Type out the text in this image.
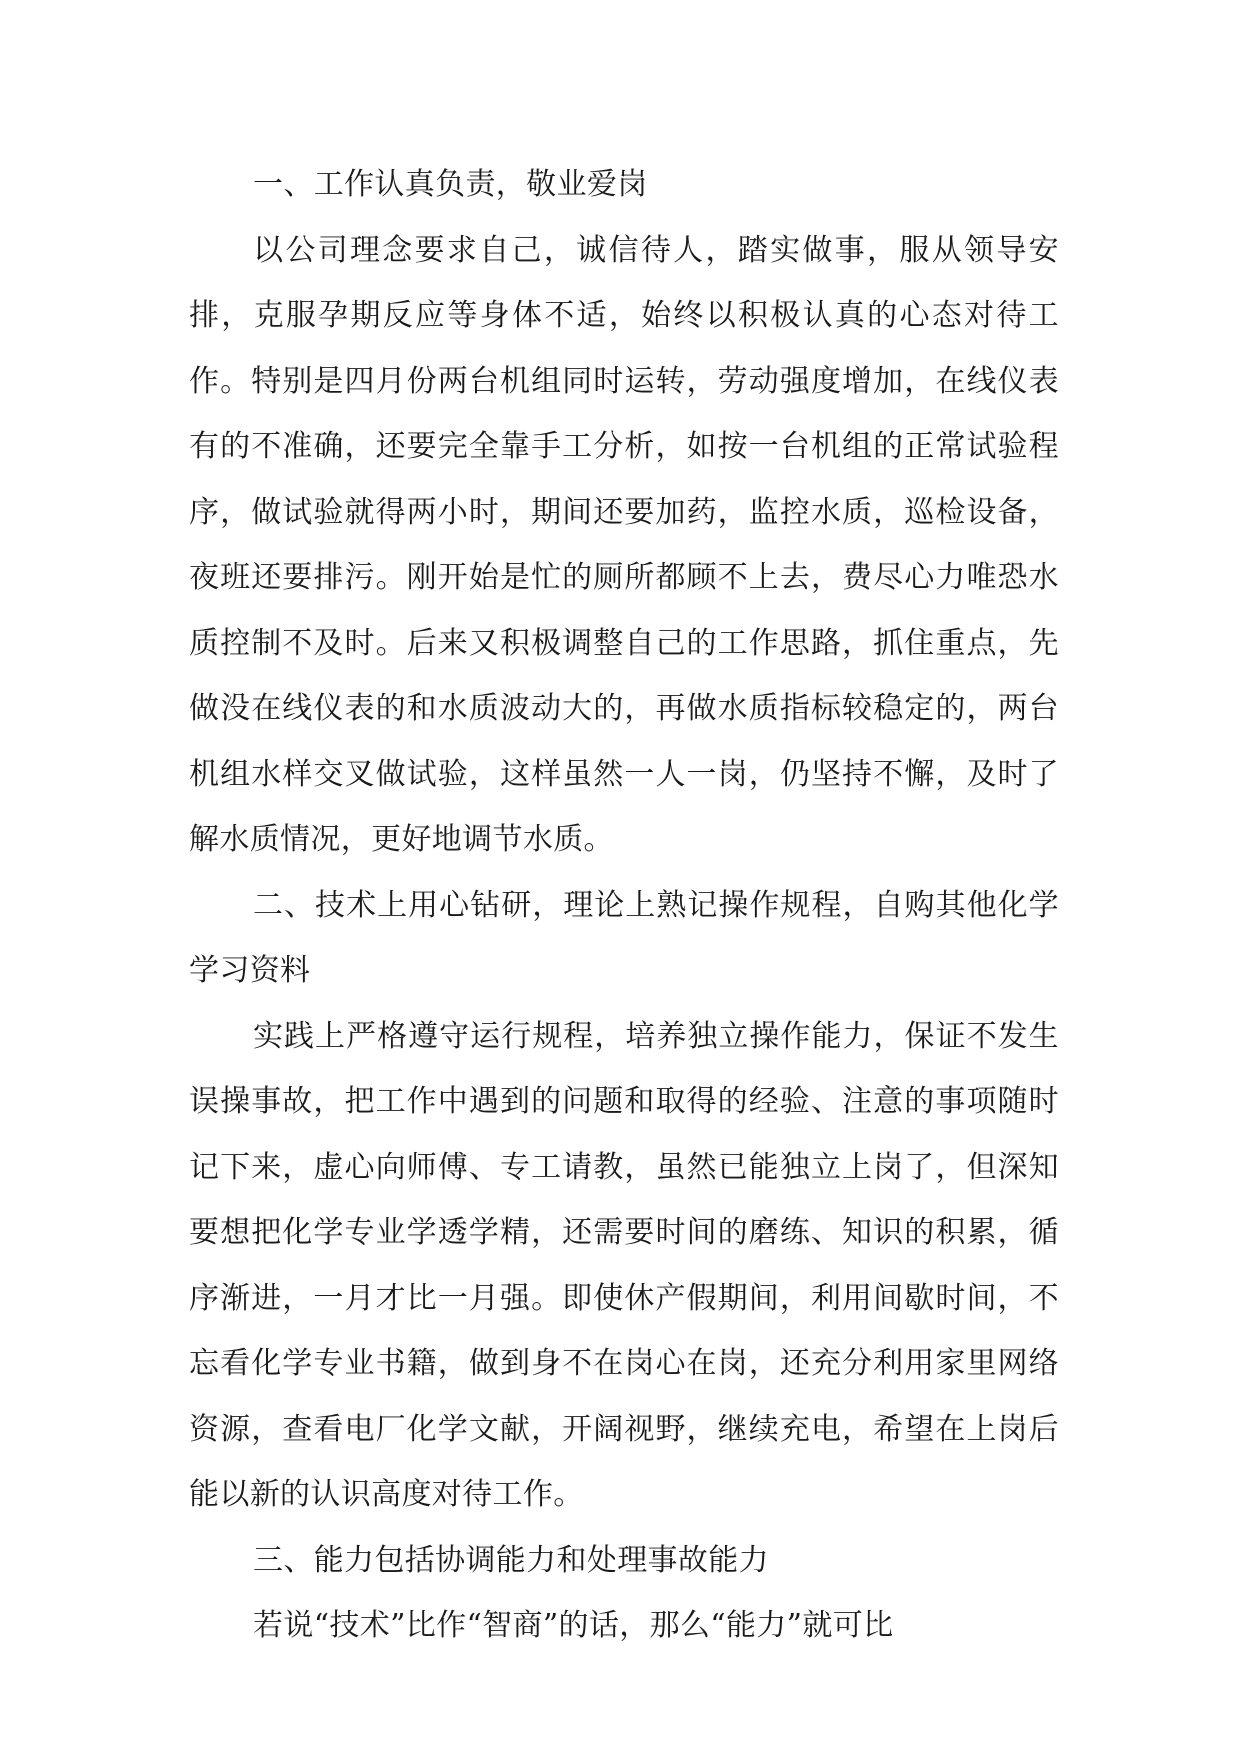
一、工作认真负责，敬业爱岗

以公司理念要求自己，诚信待人，踏实做事，服从领导安排，克服孕期反应等身体不适，始终以积极认真的心态对待工作。特别是四月份两台机组同时运转，劳动强度增加，在线仪表有的不准确，还要完全靠手工分析，如按一台机组的正常试验程序，做试验就得两小时，期间还要加药，监控水质，巡检设备，夜班还要排污。刚开始是忙的厕所都顾不上去，费尽心力唯恐水质控制不及时。后来又积极调整自己的工作思路，抓住重点，先做没在线仪表的和水质波动大的，再做水质指标较稳定的，两台机组水样交叉做试验，这样虽然一人一岗，仍坚持不懈，及时了解水质情况，更好地调节水质。

二、技术上用心钻研，理论上熟记操作规程，自购其他化学学习资料

实践上严格遵守运行规程，培养独立操作能力，保证不发生误操事故，把工作中遇到的问题和取得的经验、注意的事项随时记下来，虚心向师傅、专工请教，虽然已能独立上岗了，但深知要想把化学专业学透学精，还需要时间的磨练、知识的积累，循序渐进，一月才比一月强。即使休产假期间，利用间歇时间，不忘看化学专业书籍，做到身不在岗心在岗，还充分利用家里网络资源，查看电厂化学文献，开阔视野，继续充电，希望在上岗后能以新的认识高度对待工作。

三、能力包括协调能力和处理事故能力

若说“技术”比作“智商”的话，那么“能力”就可比
